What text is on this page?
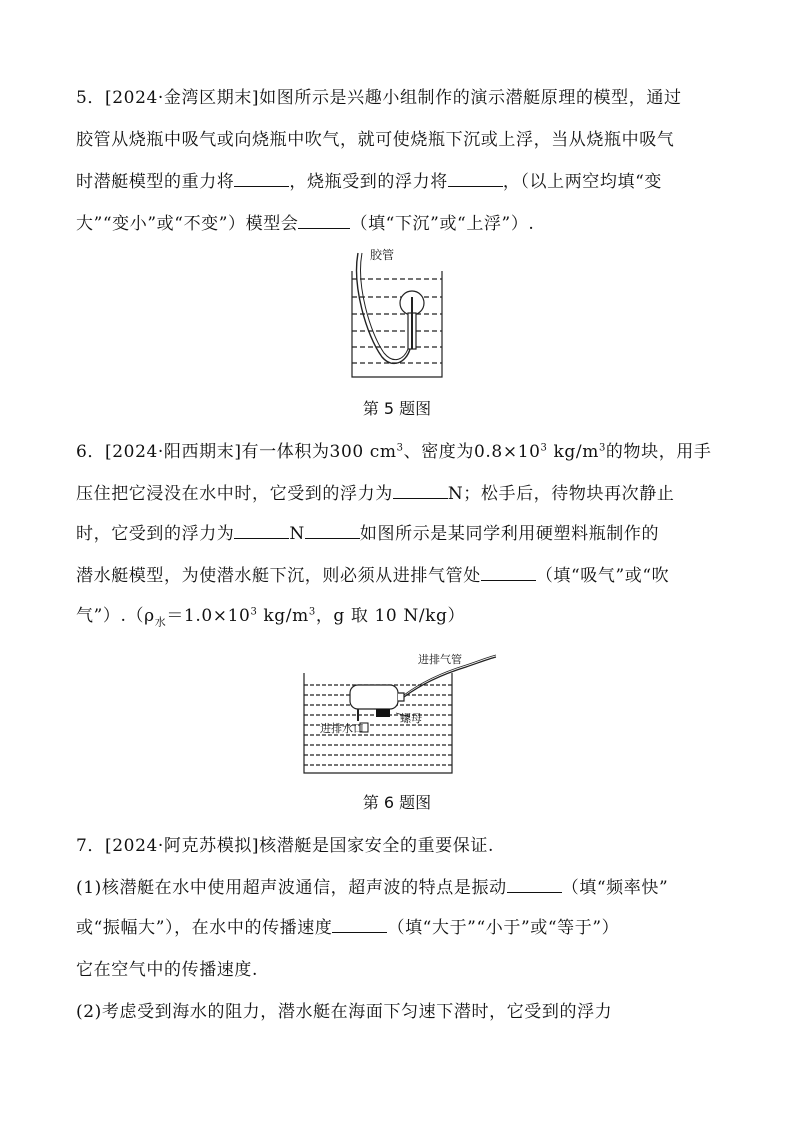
5．[2024·金湾区期末]如图所示是兴趣小组制作的演示潜艇原理的模型，通过
胶管从烧瓶中吸气或向烧瓶中吹气，就可使烧瓶下沉或上浮，当从烧瓶中吸气
时潜艇模型的重力将	，烧瓶受到的浮力将	，（以上两空均填“变
大”“变小”或“不变”）模型会	（填“下沉”或“上浮”）.
胶管
第 5 题图
6．[2024·阳西期末]有一体积为300 $cm^3$、密度为$0.8\times 10^3$ $kg/m^3$的物块，用手
压住把它浸没在水中时，它受到的浮力为	N；松手后，待物块再次静止
时，它受到的浮力为	N	如图所示是某同学利用硬塑料瓶制作的
潜水艇模型，为使潜水艇下沉，则必须从进排气管处	（填“吸气”或“吹
气$”).(\rho_水=1.0\times 10^3$ $kg/m^3$，g 取 10 N/kg）
进排气管
螺母
进排水口
第 6 题图
7．[2024·阿克苏模拟]核潜艇是国家安全的重要保证.
(1)核潜艇在水中使用超声波通信，超声波的特点是振动	（填“频率快”
或“振幅大”），在水中的传播速度	（填“大于”“小于”或“等于”）
它在空气中的传播速度.
(2)考虑受到海水的阻力，潜水艇在海面下匀速下潜时，它受到的浮力
